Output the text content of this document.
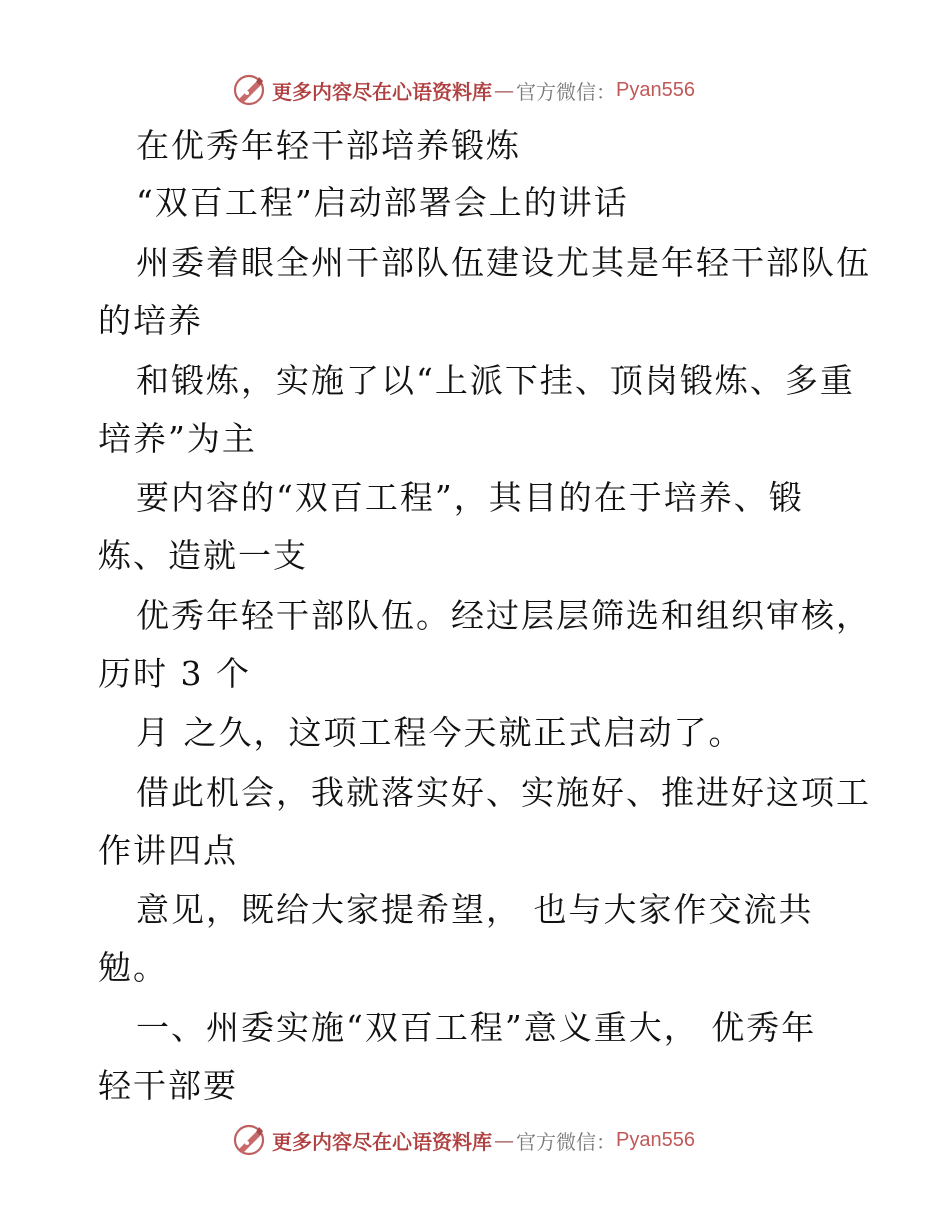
更多内容尽在心语资料库 — 官方微信： Pyan556
在优秀年轻干部培养锻炼
“双百工程”启动部署会上的讲话
州委着眼全州干部队伍建设尤其是年轻干部队伍
的培养
和锻炼，实施了以“上派下挂、顶岗锻炼、多重
培养”为主
要内容的“双百工程”，其目的在于培养、锻
炼、造就一支
优秀年轻干部队伍。经过层层筛选和组织审核，
历时 3 个
月 之久，这项工程今天就正式启动了。
借此机会，我就落实好、实施好、推进好这项工
作讲四点
意见，既给大家提希望， 也与大家作交流共
勉。
一、州委实施“双百工程”意义重大， 优秀年
轻干部要
更多内容尽在心语资料库 — 官方微信： Pyan556
